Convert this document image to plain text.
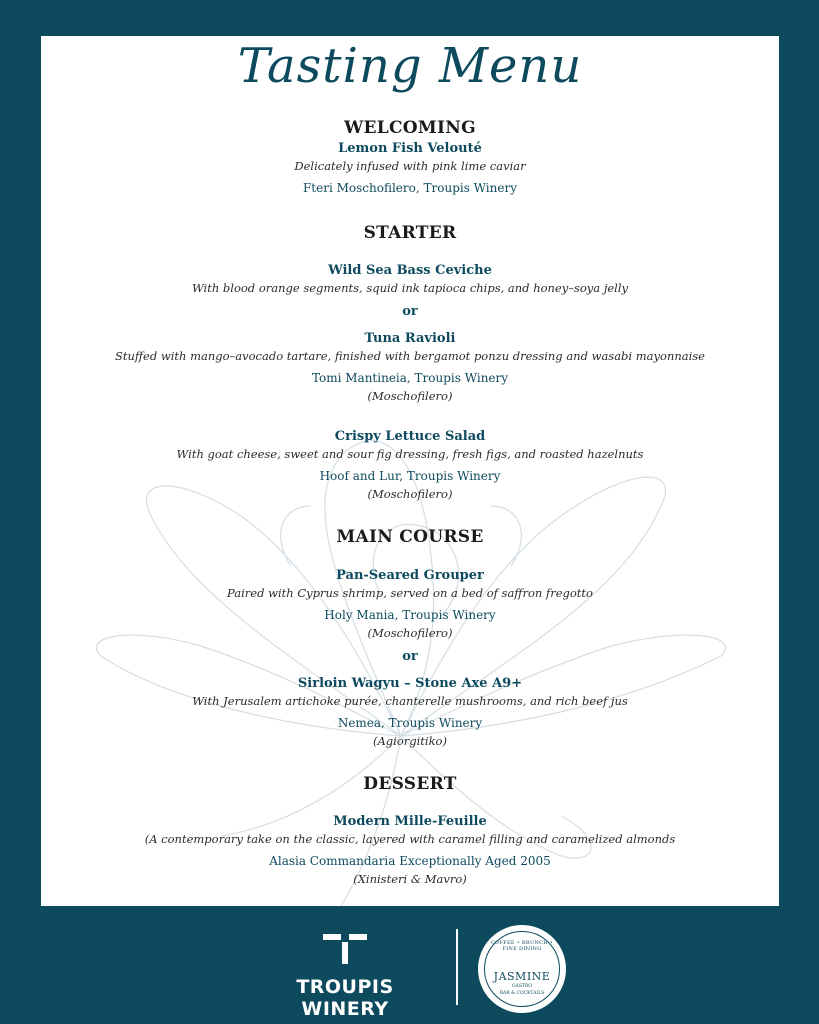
Tasting Menu
WELCOMING
Lemon Fish Velouté
Delicately infused with pink lime caviar
Fteri Moschofilero, Troupis Winery
STARTER
Wild Sea Bass Ceviche
With blood orange segments, squid ink tapioca chips, and honey–soya jelly
or
Tuna Ravioli
Stuffed with mango–avocado tartare, finished with bergamot ponzu dressing and wasabi mayonnaise
Tomi Mantineia, Troupis Winery
(Moschofilero)
Crispy Lettuce Salad
With goat cheese, sweet and sour fig dressing, fresh figs, and roasted hazelnuts
Hoof and Lur, Troupis Winery
(Moschofilero)
MAIN COURSE
Pan-Seared Grouper
Paired with Cyprus shrimp, served on a bed of saffron fregotto
Holy Mania, Troupis Winery
(Moschofilero)
or
Sirloin Wagyu – Stone Axe A9+
With Jerusalem artichoke purée, chanterelle mushrooms, and rich beef jus
Nemea, Troupis Winery
(Agiorgitiko)
DESSERT
Modern Mille-Feuille
(A contemporary take on the classic, layered with caramel filling and caramelized almonds
Alasia Commandaria Exceptionally Aged 2005
(Xinisteri & Mavro)
TROUPIS WINERY
COFFEE • BRUNCH • FINE DINING
JASMINE
GASTRO
BAR & COCKTAILS
